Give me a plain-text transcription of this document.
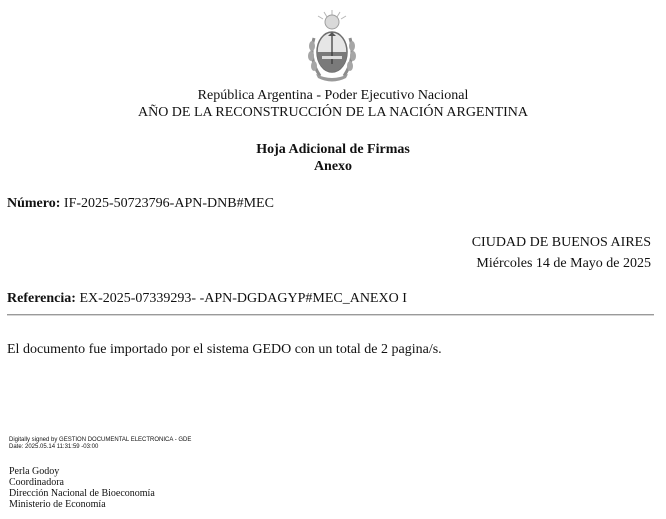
República Argentina - Poder Ejecutivo Nacional
AÑO DE LA RECONSTRUCCIÓN DE LA NACIÓN ARGENTINA
Hoja Adicional de Firmas
Anexo
Número: IF-2025-50723796-APN-DNB#MEC
CIUDAD DE BUENOS AIRES
Miércoles 14 de Mayo de 2025
Referencia: EX-2025-07339293- -APN-DGDAGYP#MEC_ANEXO I
El documento fue importado por el sistema GEDO con un total de 2 pagina/s.
Digitally signed by GESTION DOCUMENTAL ELECTRONICA - GDE
Date: 2025.05.14 11:31:59 -03:00
Perla Godoy
Coordinadora
Dirección Nacional de Bioeconomía
Ministerio de Economía
